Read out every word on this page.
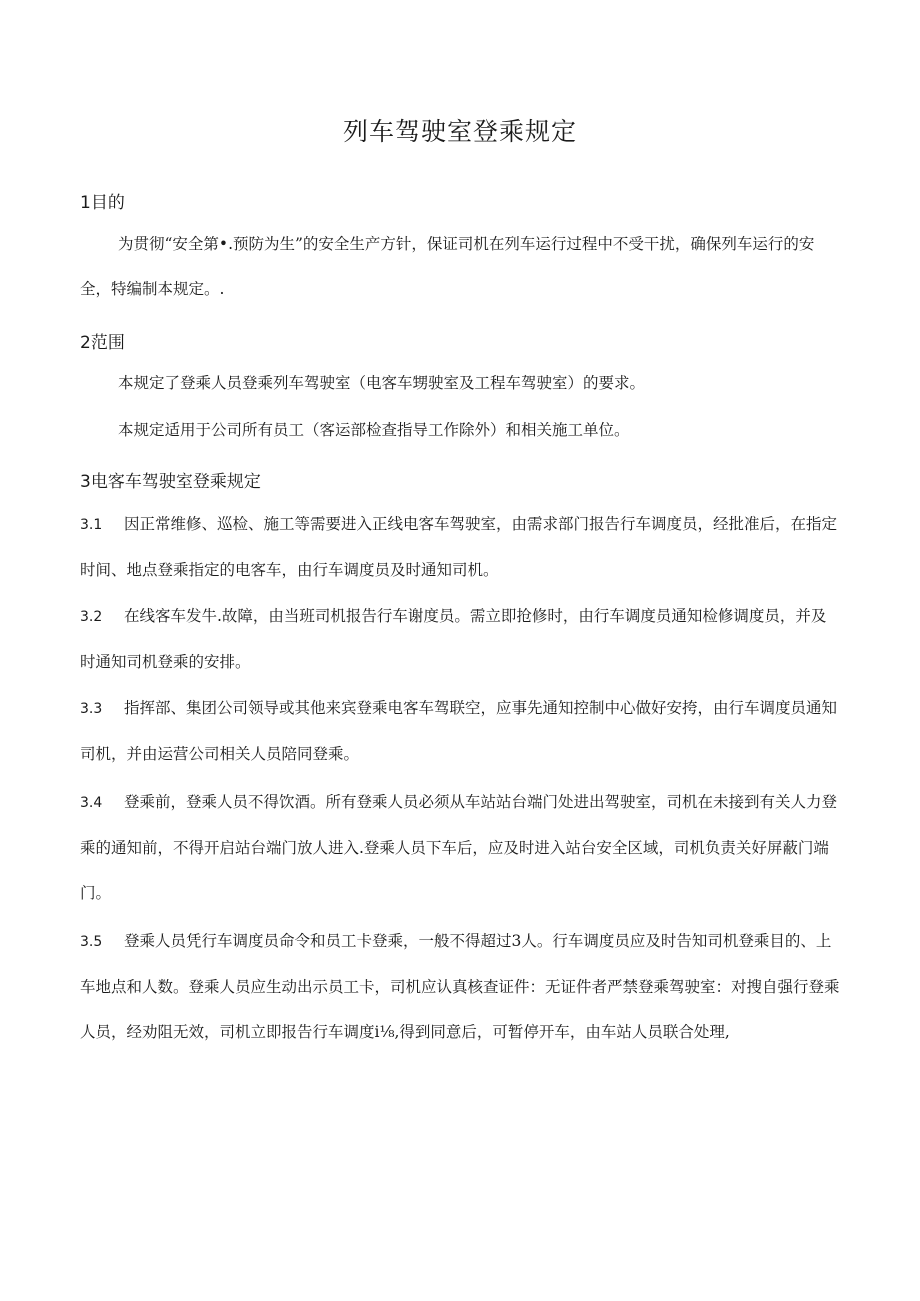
列车驾驶室登乘规定
1目的

为贯彻“安全第•.预防为生”的安全生产方针，保证司机在列车运行过程中不受干扰，确保列车运行的安全，特编制本规定。.

2范围

本规定了登乘人员登乘列车驾驶室（电客车甥驶室及工程车驾驶室）的要求。

本规定适用于公司所有员工（客运部检查指导工作除外）和相关施工单位。

3电客车驾驶室登乘规定

3.1 因正常维修、巡检、施工等需要进入正线电客车驾驶室，由需求部门报告行车调度员，经批准后，在指定时间、地点登乘指定的电客车，由行车调度员及时通知司机。

3.2 在线客车发牛.故障，由当班司机报告行车谢度员。需立即抢修时，由行车调度员通知检修调度员，并及时通知司机登乘的安排。

3.3 指挥部、集团公司领导或其他来宾登乘电客车驾联空，应事先通知控制中心做好安挎，由行车调度员通知司机，并由运营公司相关人员陪同登乘。

3.4 登乘前，登乘人员不得饮酒。所有登乘人员必须从车站站台端门处进出驾驶室，司机在未接到有关人力登乘的通知前，不得开启站台端门放人进入.登乘人员下车后，应及时进入站台安全区域，司机负责关好屏蔽门端门。

3.5 登乘人员凭行车调度员命令和员工卡登乘，一般不得超过3人。行车调度员应及时告知司机登乘目的、上车地点和人数。登乘人员应生动出示员工卡，司机应认真核查证件：无证件者严禁登乘驾驶室：对搜自强行登乘人员，经劝阻无效，司机立即报告行车调度i⅛,得到同意后，可暂停开车，由车站人员联合处理,
